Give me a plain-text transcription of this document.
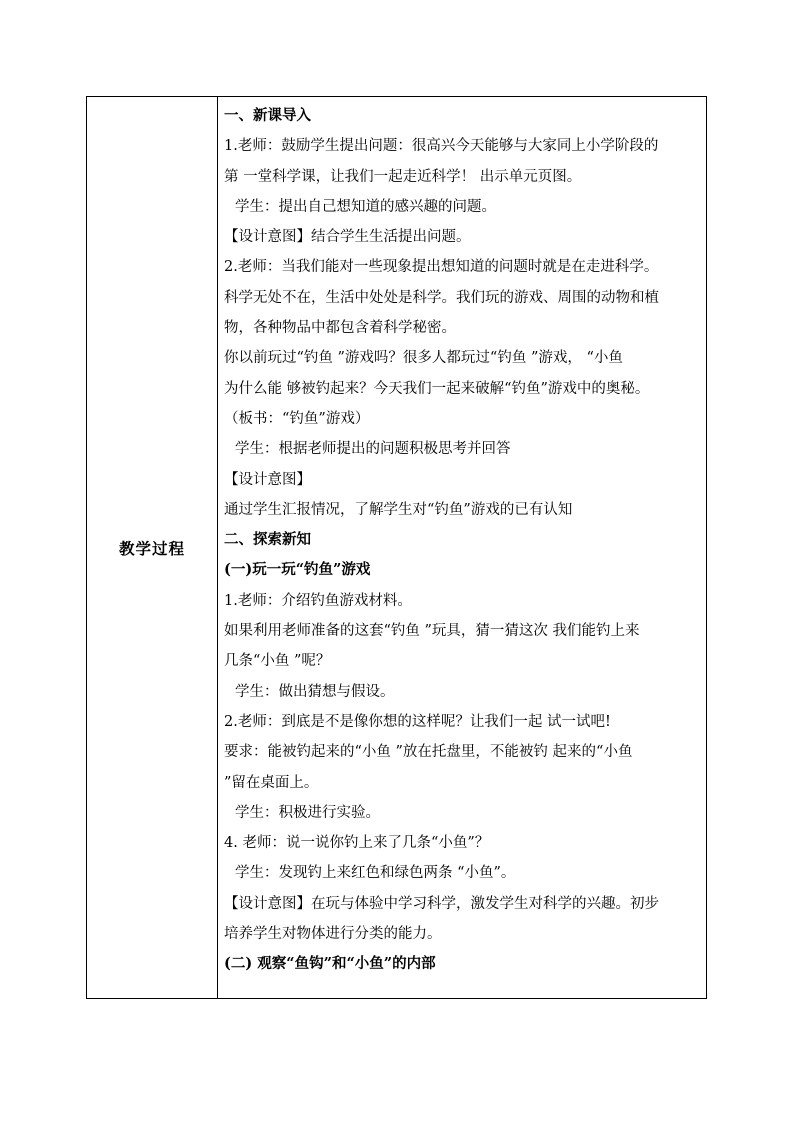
教学过程
一、新课导入
1.老师：鼓励学生提出问题：很高兴今天能够与大家同上小学阶段的
第 一堂科学课，让我们一起走近科学！ 出示单元页图。
学生：提出自己想知道的感兴趣的问题。
【设计意图】结合学生生活提出问题。
2.老师：当我们能对一些现象提出想知道的问题时就是在走进科学。
科学无处不在，生活中处处是科学。我们玩的游戏、周围的动物和植
物，各种物品中都包含着科学秘密。
你以前玩过“钓鱼 ”游戏吗？很多人都玩过“钓鱼 ”游戏， “小鱼
为什么能 够被钓起来？今天我们一起来破解“钓鱼”游戏中的奥秘。
（板书：“钓鱼”游戏）
学生：根据老师提出的问题积极思考并回答
【设计意图】
通过学生汇报情况，了解学生对“钓鱼”游戏的已有认知
二、探索新知
(一)玩一玩“钓鱼”游戏
1.老师：介绍钓鱼游戏材料。
如果利用老师准备的这套“钓鱼 ”玩具，猜一猜这次 我们能钓上来
几条“小鱼 ”呢？
学生：做出猜想与假设。
2.老师：到底是不是像你想的这样呢？让我们一起 试一试吧!
要求：能被钓起来的“小鱼 ”放在托盘里，不能被钓 起来的“小鱼
”留在桌面上。
学生：积极进行实验。
4. 老师：说一说你钓上来了几条“小鱼”？
学生：发现钓上来红色和绿色两条 “小鱼”。
【设计意图】在玩与体验中学习科学，激发学生对科学的兴趣。初步
培养学生对物体进行分类的能力。
(二) 观察“鱼钩”和“小鱼”的内部
